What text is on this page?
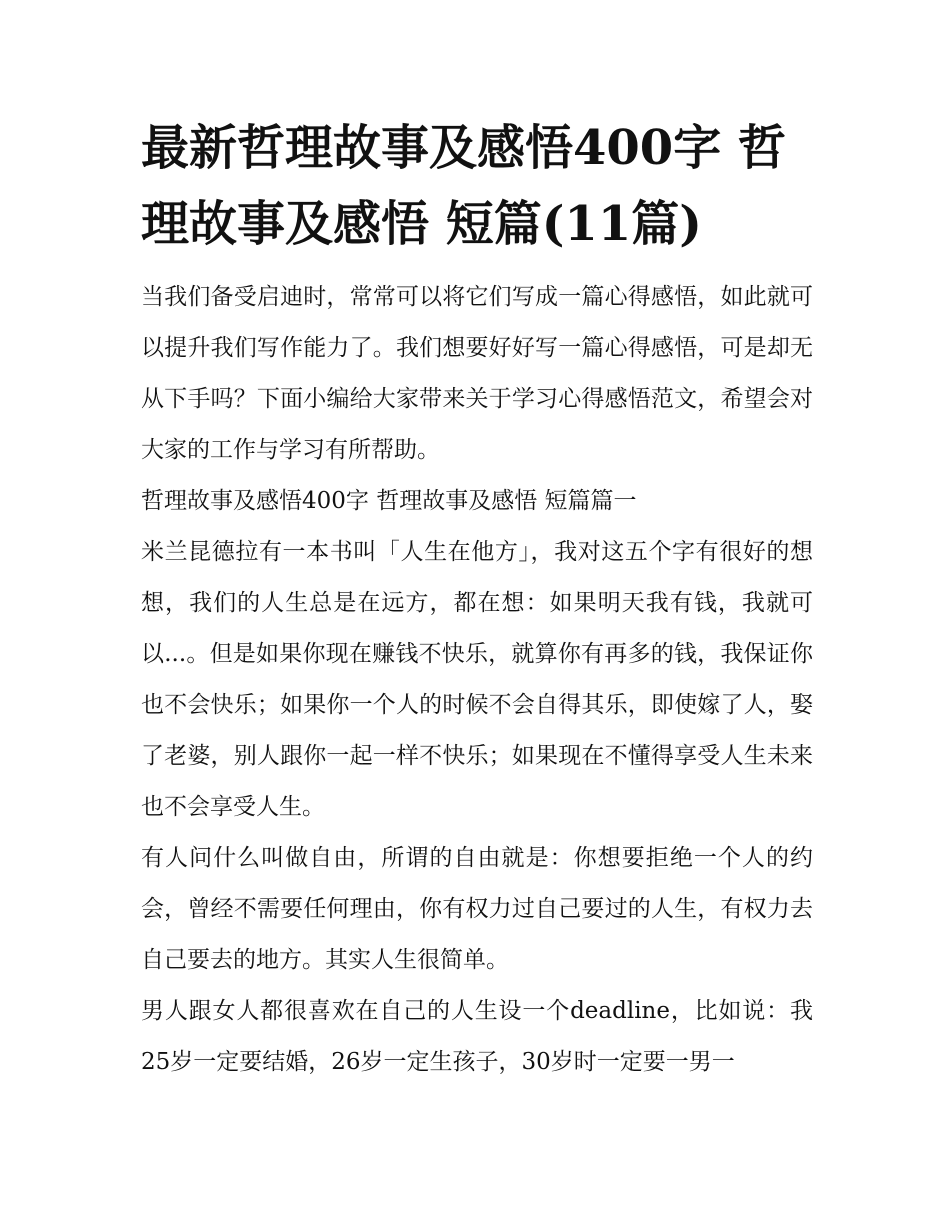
最新哲理故事及感悟400字 哲理故事及感悟 短篇(11篇)

当我们备受启迪时，常常可以将它们写成一篇心得感悟，如此就可以提升我们写作能力了。我们想要好好写一篇心得感悟，可是却无从下手吗？下面小编给大家带来关于学习心得感悟范文，希望会对大家的工作与学习有所帮助。

哲理故事及感悟400字 哲理故事及感悟 短篇篇一

米兰昆德拉有一本书叫「人生在他方」，我对这五个字有很好的想想，我们的人生总是在远方，都在想：如果明天我有钱，我就可以...。但是如果你现在赚钱不快乐，就算你有再多的钱，我保证你也不会快乐；如果你一个人的时候不会自得其乐，即使嫁了人，娶了老婆，别人跟你一起一样不快乐；如果现在不懂得享受人生未来也不会享受人生。

有人问什么叫做自由，所谓的自由就是：你想要拒绝一个人的约会，曾经不需要任何理由，你有权力过自己要过的人生，有权力去自己要去的地方。其实人生很简单。

男人跟女人都很喜欢在自己的人生设一个deadline，比如说：我25岁一定要结婚，26岁一定生孩子，30岁时一定要一男一
